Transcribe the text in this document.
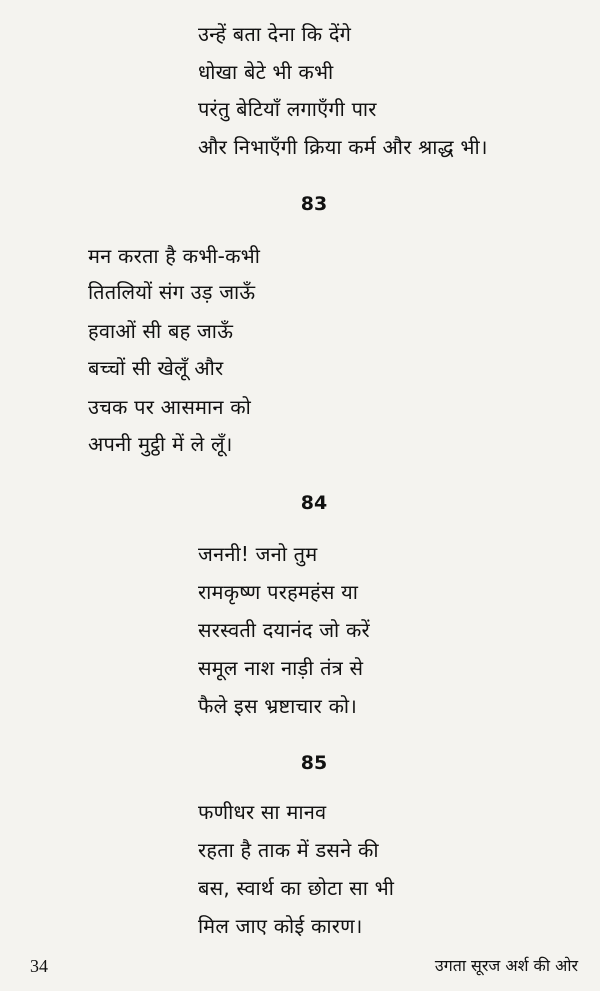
उन्हें बता देना कि देंगे
धोखा बेटे भी कभी
परंतु बेटियाँ लगाएँगी पार
और निभाएँगी क्रिया कर्म और श्राद्ध भी।
83
मन करता है कभी-कभी
तितलियों संग उड़ जाऊँ
हवाओं सी बह जाऊँ
बच्चों सी खेलूँ और
उचक पर आसमान को
अपनी मुट्ठी में ले लूँ।
84
जननी! जनो तुम
रामकृष्ण परहमहंस या
सरस्वती दयानंद जो करें
समूल नाश नाड़ी तंत्र से
फैले इस भ्रष्टाचार को।
85
फणीधर सा मानव
रहता है ताक में डसने की
बस, स्वार्थ का छोटा सा भी
मिल जाए कोई कारण।
34	उगता सूरज अर्श की ओर
